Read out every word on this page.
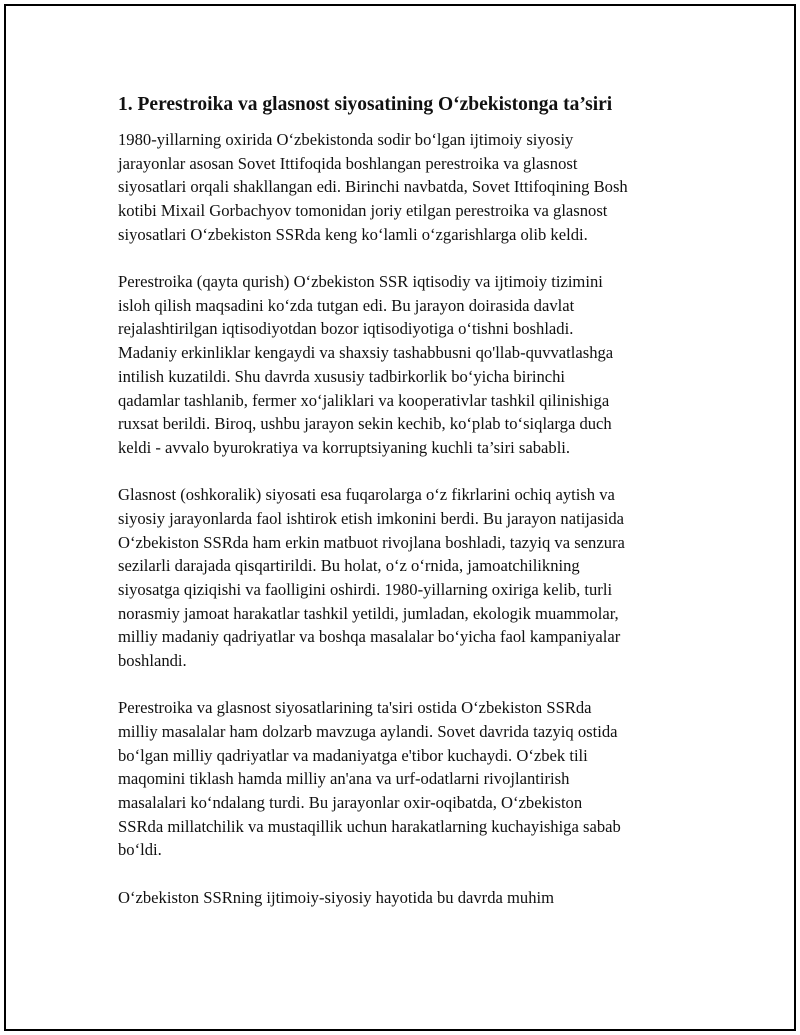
1. Perestroika va glasnost siyosatining O‘zbekistonga ta’siri

1980-yillarning oxirida O‘zbekistonda sodir bo‘lgan ijtimoiy siyosiy
jarayonlar asosan Sovet Ittifoqida boshlangan perestroika va glasnost
siyosatlari orqali shakllangan edi. Birinchi navbatda, Sovet Ittifoqining Bosh
kotibi Mixail Gorbachyov tomonidan joriy etilgan perestroika va glasnost
siyosatlari O‘zbekiston SSRda keng ko‘lamli o‘zgarishlarga olib keldi.

Perestroika (qayta qurish) O‘zbekiston SSR iqtisodiy va ijtimoiy tizimini
isloh qilish maqsadini ko‘zda tutgan edi. Bu jarayon doirasida davlat
rejalashtirilgan iqtisodiyotdan bozor iqtisodiyotiga o‘tishni boshladi.
Madaniy erkinliklar kengaydi va shaxsiy tashabbusni qo'llab-quvvatlashga
intilish kuzatildi. Shu davrda xususiy tadbirkorlik bo‘yicha birinchi
qadamlar tashlanib, fermer xo‘jaliklari va kooperativlar tashkil qilinishiga
ruxsat berildi. Biroq, ushbu jarayon sekin kechib, ko‘plab to‘siqlarga duch
keldi - avvalo byurokratiya va korruptsiyaning kuchli ta’siri sababli.

Glasnost (oshkoralik) siyosati esa fuqarolarga o‘z fikrlarini ochiq aytish va
siyosiy jarayonlarda faol ishtirok etish imkonini berdi. Bu jarayon natijasida
O‘zbekiston SSRda ham erkin matbuot rivojlana boshladi, tazyiq va senzura
sezilarli darajada qisqartirildi. Bu holat, o‘z o‘rnida, jamoatchilikning
siyosatga qiziqishi va faolligini oshirdi. 1980-yillarning oxiriga kelib, turli
norasmiy jamoat harakatlar tashkil yetildi, jumladan, ekologik muammolar,
milliy madaniy qadriyatlar va boshqa masalalar bo‘yicha faol kampaniyalar
boshlandi.

Perestroika va glasnost siyosatlarining ta'siri ostida O‘zbekiston SSRda
milliy masalalar ham dolzarb mavzuga aylandi. Sovet davrida tazyiq ostida
bo‘lgan milliy qadriyatlar va madaniyatga e'tibor kuchaydi. O‘zbek tili
maqomini tiklash hamda milliy an'ana va urf-odatlarni rivojlantirish
masalalari ko‘ndalang turdi. Bu jarayonlar oxir-oqibatda, O‘zbekiston
SSRda millatchilik va mustaqillik uchun harakatlarning kuchayishiga sabab
bo‘ldi.

O‘zbekiston SSRning ijtimoiy-siyosiy hayotida bu davrda muhim
